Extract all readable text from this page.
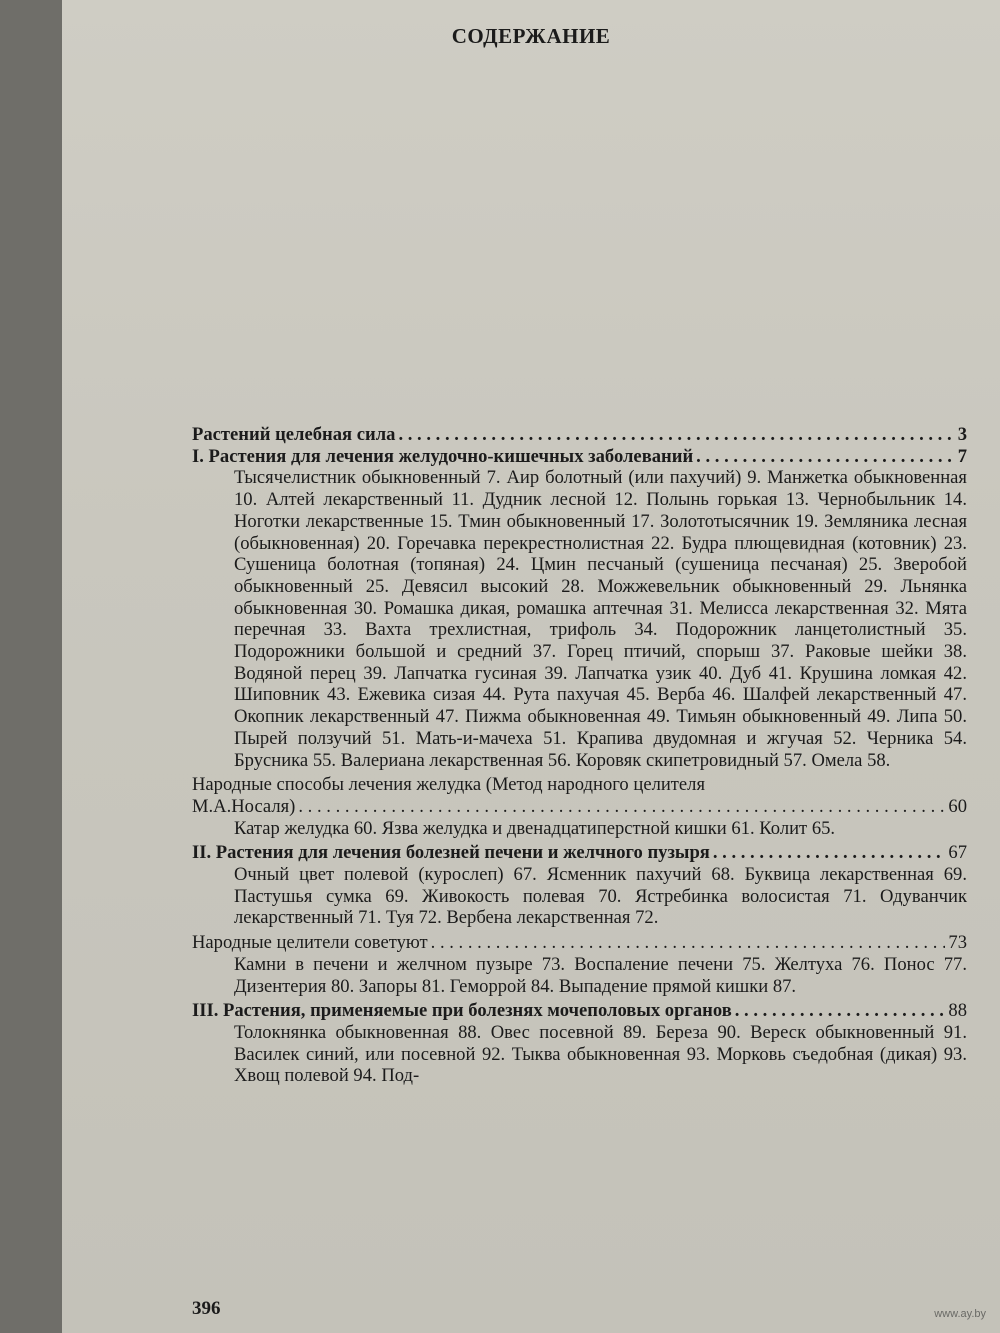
СОДЕРЖАНИЕ
Растений целебная сила . . .	3
I. Растения для лечения желудочно-кишечных заболеваний . . .	7
Тысячелистник обыкновенный 7. Аир болотный (или пахучий) 9. Манжетка обыкновенная 10. Алтей лекарственный 11. Дудник лесной 12. Полынь горькая 13. Чернобыльник 14. Ноготки лекарственные 15. Тмин обыкновенный 17. Золототысячник 19. Земляника лесная (обыкновенная) 20. Горечавка перекрестнолистная 22. Будра плющевидная (котовник) 23. Сушеница болотная (топяная) 24. Цмин песчаный (сушеница песчаная) 25. Зверобой обыкновенный 25. Девясил высокий 28. Можжевельник обыкновенный 29. Льнянка обыкновенная 30. Ромашка дикая, ромашка аптечная 31. Мелисса лекарственная 32. Мята перечная 33. Вахта трехлистная, трифоль 34. Подорожник ланцетолистный 35. Подорожники большой и средний 37. Горец птичий, спорыш 37. Раковые шейки 38. Водяной перец 39. Лапчатка гусиная 39. Лапчатка узик 40. Дуб 41. Крушина ломкая 42. Шиповник 43. Ежевика сизая 44. Рута пахучая 45. Верба 46. Шалфей лекарственный 47. Окопник лекарственный 47. Пижма обыкновенная 49. Тимьян обыкновенный 49. Липа 50. Пырей ползучий 51. Мать-и-мачеха 51. Крапива двудомная и жгучая 52. Черника 54. Брусника 55. Валериана лекарственная 56. Коровяк скипетровидный 57. Омела 58.
Народные способы лечения желудка (Метод народного целителя
М.А.Носаля) . . .	60
Катар желудка 60. Язва желудка и двенадцатиперстной кишки 61. Колит 65.
II. Растения для лечения болезней печени и желчного пузыря . . .	67
Очный цвет полевой (курослеп) 67. Ясменник пахучий 68. Буквица лекарственная 69. Пастушья сумка 69. Живокость полевая 70. Ястребинка волосистая 71. Одуванчик лекарственный 71. Туя 72. Вербена лекарственная 72.
Народные целители советуют . . .	73
Камни в печени и желчном пузыре 73. Воспаление печени 75. Желтуха 76. Понос 77. Дизентерия 80. Запоры 81. Геморрой 84. Выпадение прямой кишки 87.
III. Растения, применяемые при болезнях мочеполовых органов . . .	88
Толокнянка обыкновенная 88. Овес посевной 89. Береза 90. Вереск обыкновенный 91. Василек синий, или посевной 92. Тыква обыкновенная 93. Морковь съедобная (дикая) 93. Хвощ полевой 94. Под-
396	www.ay.by
